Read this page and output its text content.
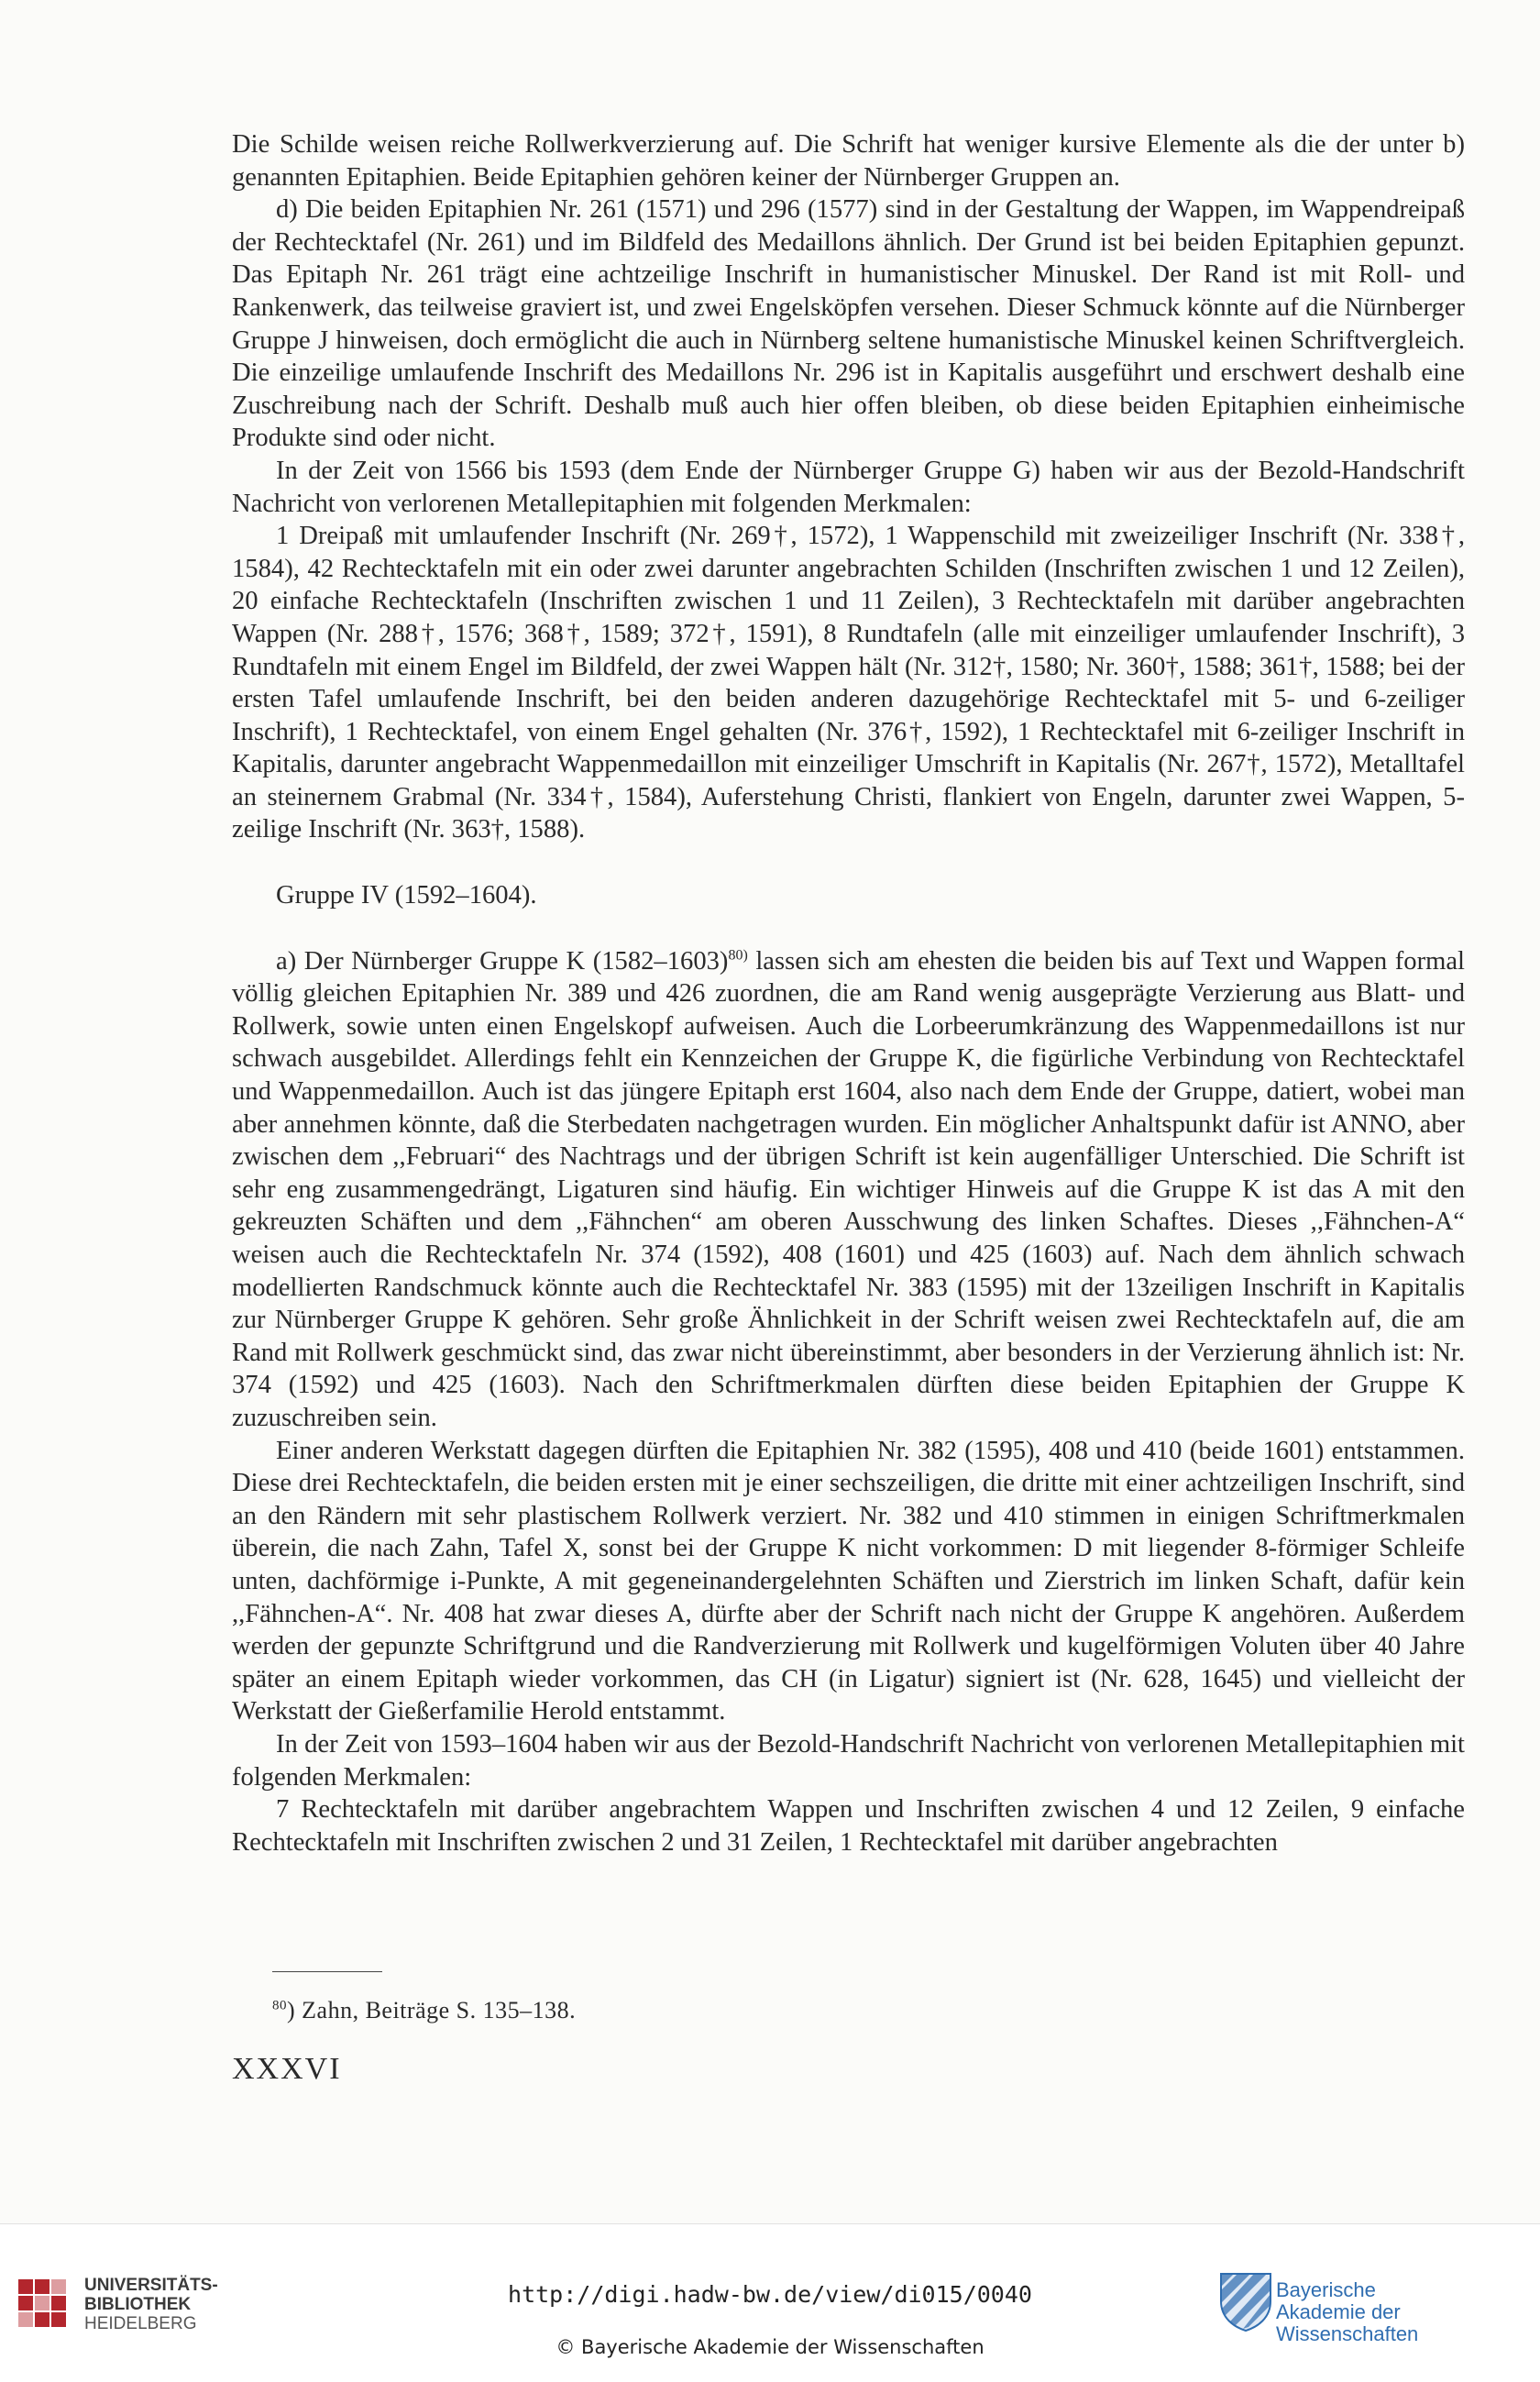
Die Schilde weisen reiche Rollwerkverzierung auf. Die Schrift hat weniger kursive Elemente als die der unter b) genannten Epitaphien. Beide Epitaphien gehören keiner der Nürnberger Gruppen an.

d) Die beiden Epitaphien Nr. 261 (1571) und 296 (1577) sind in der Gestaltung der Wappen, im Wappendreipaß der Rechtecktafel (Nr. 261) und im Bildfeld des Medaillons ähnlich. Der Grund ist bei beiden Epitaphien gepunzt. Das Epitaph Nr. 261 trägt eine achtzeilige Inschrift in humanistischer Minuskel. Der Rand ist mit Roll- und Rankenwerk, das teilweise graviert ist, und zwei Engelsköpfen versehen. Dieser Schmuck könnte auf die Nürnberger Gruppe J hinweisen, doch ermöglicht die auch in Nürnberg seltene humanistische Minuskel keinen Schriftvergleich. Die einzeilige umlaufende Inschrift des Medaillons Nr. 296 ist in Kapitalis ausgeführt und erschwert deshalb eine Zuschreibung nach der Schrift. Deshalb muß auch hier offen bleiben, ob diese beiden Epitaphien einheimische Produkte sind oder nicht.

In der Zeit von 1566 bis 1593 (dem Ende der Nürnberger Gruppe G) haben wir aus der Bezold-Handschrift Nachricht von verlorenen Metallepitaphien mit folgenden Merkmalen:

1 Dreipaß mit umlaufender Inschrift (Nr. 269†, 1572), 1 Wappenschild mit zweizeiliger Inschrift (Nr. 338†, 1584), 42 Rechtecktafeln mit ein oder zwei darunter angebrachten Schilden (Inschriften zwischen 1 und 12 Zeilen), 20 einfache Rechtecktafeln (Inschriften zwischen 1 und 11 Zeilen), 3 Rechtecktafeln mit darüber angebrachten Wappen (Nr. 288†, 1576; 368†, 1589; 372†, 1591), 8 Rundtafeln (alle mit einzeiliger umlaufender Inschrift), 3 Rundtafeln mit einem Engel im Bildfeld, der zwei Wappen hält (Nr. 312†, 1580; Nr. 360†, 1588; 361†, 1588; bei der ersten Tafel umlaufende Inschrift, bei den beiden anderen dazugehörige Rechtecktafel mit 5- und 6-zeiliger Inschrift), 1 Rechtecktafel, von einem Engel gehalten (Nr. 376†, 1592), 1 Rechtecktafel mit 6-zeiliger Inschrift in Kapitalis, darunter angebracht Wappenmedaillon mit einzeiliger Umschrift in Kapitalis (Nr. 267†, 1572), Metalltafel an steinernem Grabmal (Nr. 334†, 1584), Auferstehung Christi, flankiert von Engeln, darunter zwei Wappen, 5-zeilige Inschrift (Nr. 363†, 1588).

Gruppe IV (1592–1604).

a) Der Nürnberger Gruppe K (1582–1603)$^{80)}$ lassen sich am ehesten die beiden bis auf Text und Wappen formal völlig gleichen Epitaphien Nr. 389 und 426 zuordnen, die am Rand wenig ausgeprägte Verzierung aus Blatt- und Rollwerk, sowie unten einen Engelskopf aufweisen. Auch die Lorbeerumkränzung des Wappenmedaillons ist nur schwach ausgebildet. Allerdings fehlt ein Kennzeichen der Gruppe K, die figürliche Verbindung von Rechtecktafel und Wappenmedaillon. Auch ist das jüngere Epitaph erst 1604, also nach dem Ende der Gruppe, datiert, wobei man aber annehmen könnte, daß die Sterbedaten nachgetragen wurden. Ein möglicher Anhaltspunkt dafür ist ANNO, aber zwischen dem ,,Februari“ des Nachtrags und der übrigen Schrift ist kein augenfälliger Unterschied. Die Schrift ist sehr eng zusammengedrängt, Ligaturen sind häufig. Ein wichtiger Hinweis auf die Gruppe K ist das A mit den gekreuzten Schäften und dem ,,Fähnchen“ am oberen Ausschwung des linken Schaftes. Dieses ,,Fähnchen-A“ weisen auch die Rechtecktafeln Nr. 374 (1592), 408 (1601) und 425 (1603) auf. Nach dem ähnlich schwach modellierten Randschmuck könnte auch die Rechtecktafel Nr. 383 (1595) mit der 13zeiligen Inschrift in Kapitalis zur Nürnberger Gruppe K gehören. Sehr große Ähnlichkeit in der Schrift weisen zwei Rechtecktafeln auf, die am Rand mit Rollwerk geschmückt sind, das zwar nicht übereinstimmt, aber besonders in der Verzierung ähnlich ist: Nr. 374 (1592) und 425 (1603). Nach den Schriftmerkmalen dürften diese beiden Epitaphien der Gruppe K zuzuschreiben sein.

Einer anderen Werkstatt dagegen dürften die Epitaphien Nr. 382 (1595), 408 und 410 (beide 1601) entstammen. Diese drei Rechtecktafeln, die beiden ersten mit je einer sechszeiligen, die dritte mit einer achtzeiligen Inschrift, sind an den Rändern mit sehr plastischem Rollwerk verziert. Nr. 382 und 410 stimmen in einigen Schriftmerkmalen überein, die nach Zahn, Tafel X, sonst bei der Gruppe K nicht vorkommen: D mit liegender 8-förmiger Schleife unten, dachförmige i-Punkte, A mit gegeneinandergelehnten Schäften und Zierstrich im linken Schaft, dafür kein ,,Fähnchen-A“. Nr. 408 hat zwar dieses A, dürfte aber der Schrift nach nicht der Gruppe K angehören. Außerdem werden der gepunzte Schriftgrund und die Randverzierung mit Rollwerk und kugelförmigen Voluten über 40 Jahre später an einem Epitaph wieder vorkommen, das CH (in Ligatur) signiert ist (Nr. 628, 1645) und vielleicht der Werkstatt der Gießerfamilie Herold entstammt.

In der Zeit von 1593–1604 haben wir aus der Bezold-Handschrift Nachricht von verlorenen Metallepitaphien mit folgenden Merkmalen:

7 Rechtecktafeln mit darüber angebrachtem Wappen und Inschriften zwischen 4 und 12 Zeilen, 9 einfache Rechtecktafeln mit Inschriften zwischen 2 und 31 Zeilen, 1 Rechtecktafel mit darüber angebrachten

$^{80}$) Zahn, Beiträge S. 135–138.
XXXVI
UNIVERSITÄTS-
BIBLIOTHEK
HEIDELBERG
http://digi.hadw-bw.de/view/di015/0040
© Bayerische Akademie der Wissenschaften
Bayerische
Akademie der Wissenschaften
